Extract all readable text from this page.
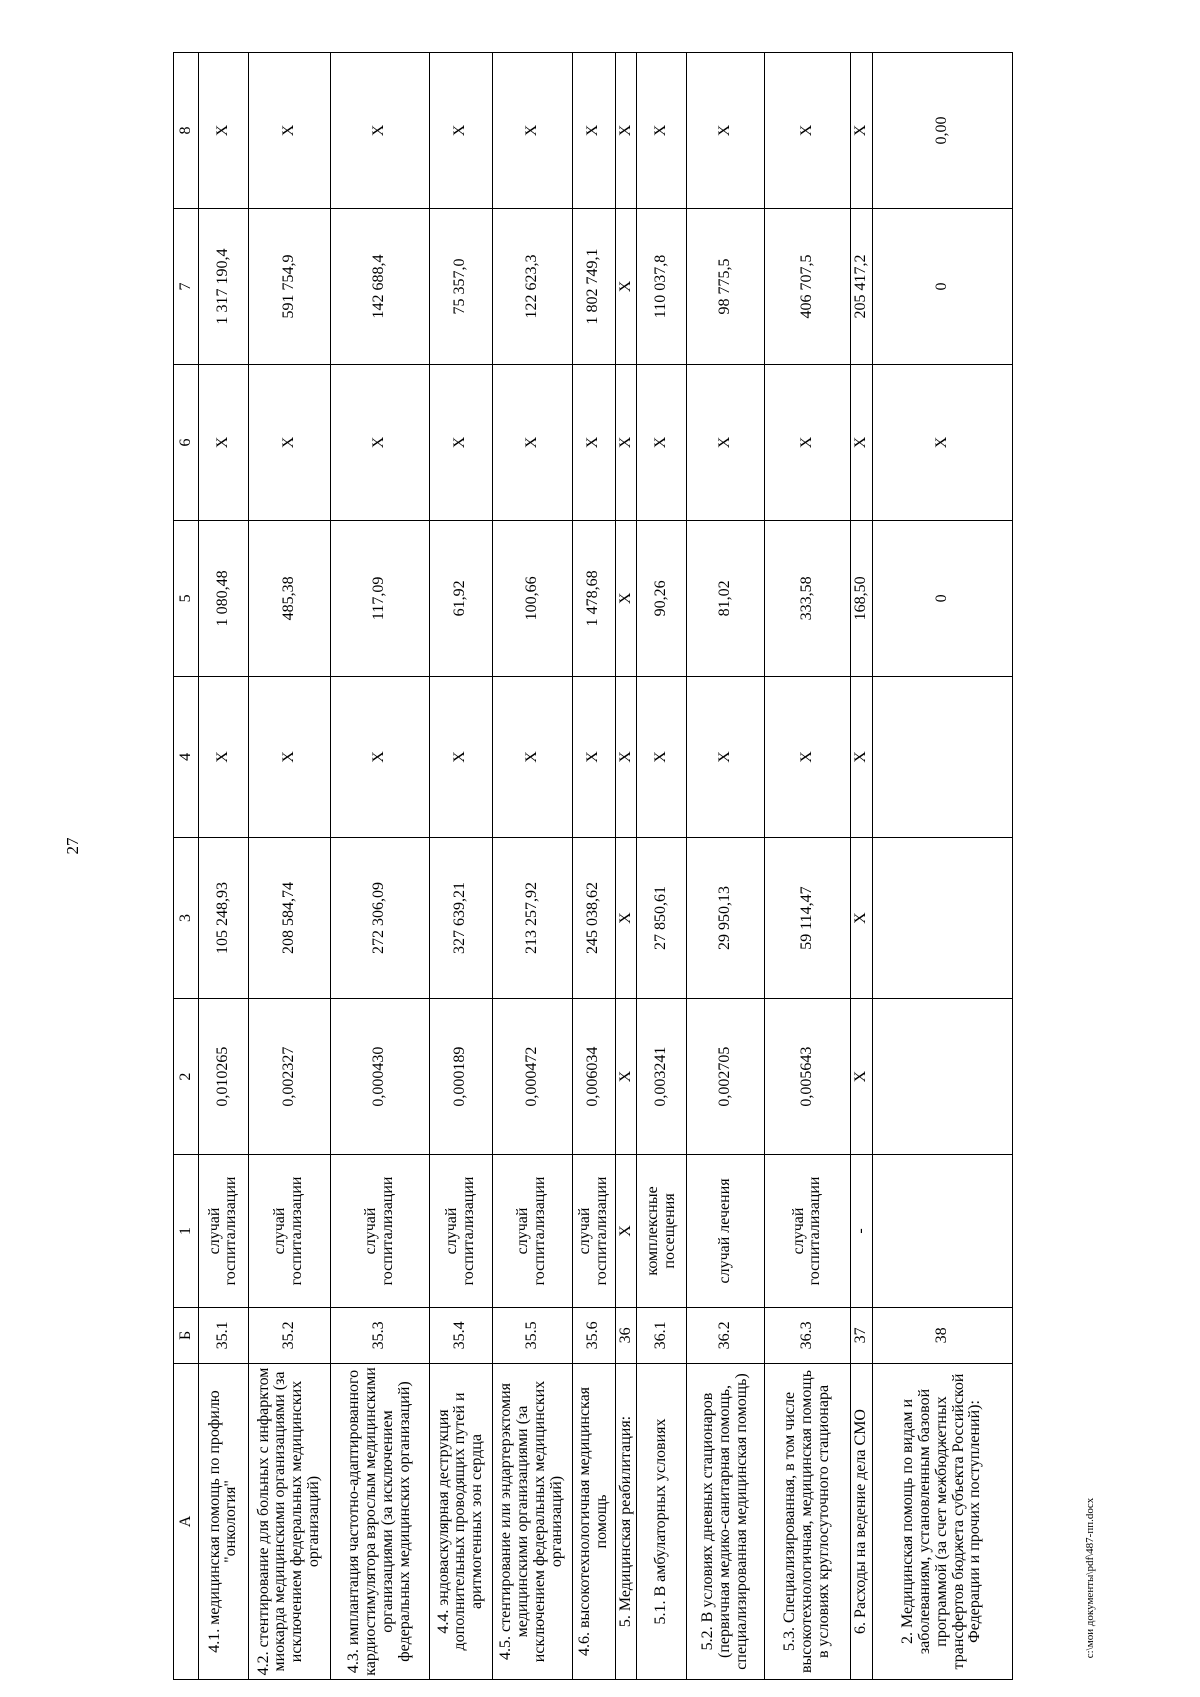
27
А	Б	1	2	3	4	5	6	7	8
4.1. медицинская помощь по профилю "онкология"	35.1	случай госпитализации	0,010265	105 248,93	Х	1 080,48	Х	1 317 190,4	Х
4.2. стентирование для больных с инфарктом миокарда медицинскими организациями (за исключением федеральных медицинских организаций)	35.2	случай госпитализации	0,002327	208 584,74	Х	485,38	Х	591 754,9	Х
4.3. имплантация частотно-адаптированного кардиостимулятора взрослым медицинскими организациями (за исключением федеральных медицинских организаций)	35.3	случай госпитализации	0,000430	272 306,09	Х	117,09	Х	142 688,4	Х
4.4. эндоваскулярная деструкция дополнительных проводящих путей и аритмогенных зон сердца	35.4	случай госпитализации	0,000189	327 639,21	Х	61,92	Х	75 357,0	Х
4.5. стентирование или эндартерэктомия медицинскими организациями (за исключением федеральных медицинских организаций)	35.5	случай госпитализации	0,000472	213 257,92	Х	100,66	Х	122 623,3	Х
4.6. высокотехнологичная медицинская помощь	35.6	случай госпитализации	0,006034	245 038,62	Х	1 478,68	Х	1 802 749,1	Х
5. Медицинская реабилитация:	36	Х	Х	Х	Х	Х	Х	Х	Х
5.1. В амбулаторных условиях	36.1	комплексные посещения	0,003241	27 850,61	Х	90,26	Х	110 037,8	Х
5.2. В условиях дневных стационаров (первичная медико-санитарная помощь, специализированная медицинская помощь)	36.2	случай лечения	0,002705	29 950,13	Х	81,02	Х	98 775,5	Х
5.3. Специализированная, в том числе высокотехнологичная, медицинская помощь в условиях круглосуточного стационара	36.3	случай госпитализации	0,005643	59 114,47	Х	333,58	Х	406 707,5	Х
6. Расходы на ведение дела СМО	37	-	Х	Х	Х	168,50	Х	205 417,2	Х
2. Медицинская помощь по видам и заболеваниям, установленным базовой программой (за счет межбюджетных трансфертов бюджета субъекта Российской Федерации и прочих поступлений):	38					0	Х	0	0,00
c:\мои документы\pdf\487-пп.docx
